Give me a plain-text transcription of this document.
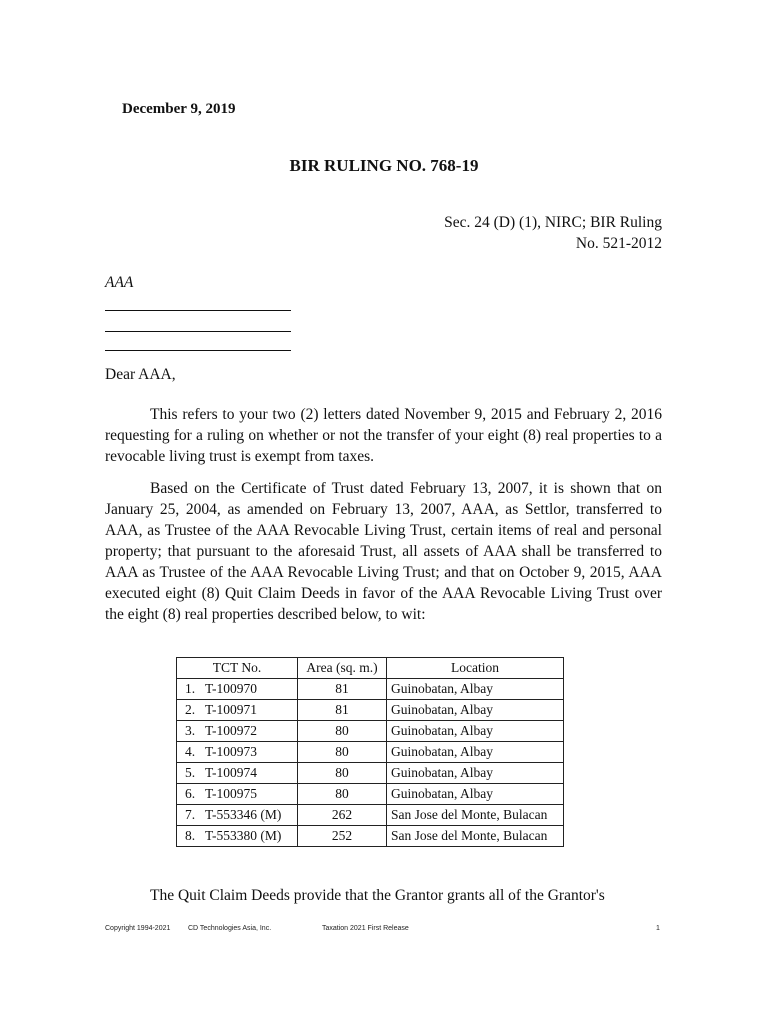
December 9, 2019
BIR RULING NO. 768-19
Sec. 24 (D) (1), NIRC; BIR Ruling
No. 521-2012
AAA
Dear AAA,

This refers to your two (2) letters dated November 9, 2015 and February 2, 2016 requesting for a ruling on whether or not the transfer of your eight (8) real properties to a revocable living trust is exempt from taxes.

Based on the Certificate of Trust dated February 13, 2007, it is shown that on January 25, 2004, as amended on February 13, 2007, AAA, as Settlor, transferred to AAA, as Trustee of the AAA Revocable Living Trust, certain items of real and personal property; that pursuant to the aforesaid Trust, all assets of AAA shall be transferred to AAA as Trustee of the AAA Revocable Living Trust; and that on October 9, 2015, AAA executed eight (8) Quit Claim Deeds in favor of the AAA Revocable Living Trust over the eight (8) real properties described below, to wit:

TCT No.	Area (sq. m.)	Location
1. T-100970	81	Guinobatan, Albay
2. T-100971	81	Guinobatan, Albay
3. T-100972	80	Guinobatan, Albay
4. T-100973	80	Guinobatan, Albay
5. T-100974	80	Guinobatan, Albay
6. T-100975	80	Guinobatan, Albay
7. T-553346 (M)	262	San Jose del Monte, Bulacan
8. T-553380 (M)	252	San Jose del Monte, Bulacan

The Quit Claim Deeds provide that the Grantor grants all of the Grantor's

Copyright 1994-2021	CD Technologies Asia, Inc.	Taxation 2021 First Release	1
